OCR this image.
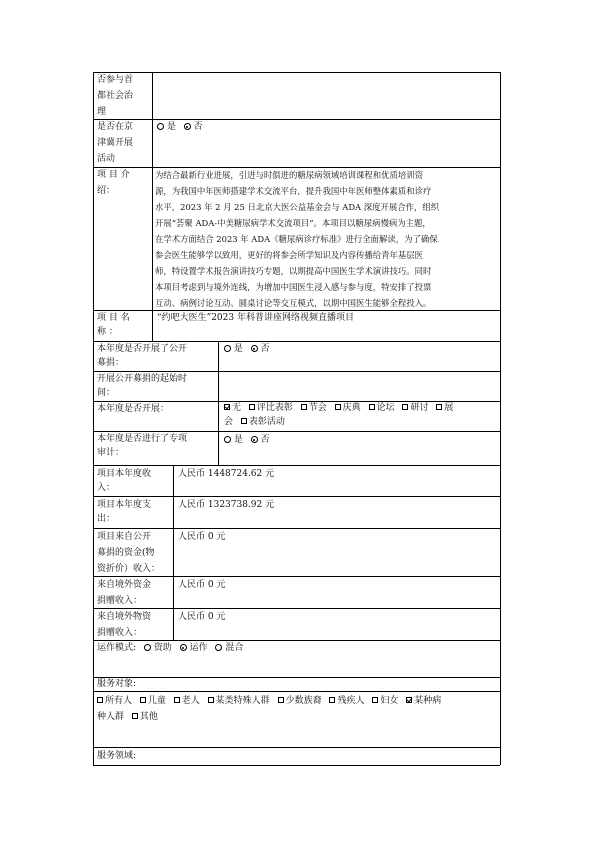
否参与首
都社会治
理
是否在京
津冀开展
活动
是 否
项 目 介
绍：
为结合最新行业进展，引进与时俱进的糖尿病领域培训课程和优质培训资
源，为我国中年医师搭建学术交流平台，提升我国中年医师整体素质和诊疗
水平，2023 年 2 月 25 日北京大医公益基金会与 ADA 深度开展合作，组织
开展“荟聚 ADA-中美糖尿病学术交流项目”。本项目以糖尿病慢病为主题，
在学术方面结合 2023 年 ADA《糖尿病诊疗标准》进行全面解读，为了确保
参会医生能够学以致用，更好的将参会所学知识及内容传播给青年基层医
师，特设置学术报告演讲技巧专题，以期提高中国医生学术演讲技巧。同时
本项目考虑到与境外连线，为增加中国医生浸入感与参与度，特安排了投票
互动、病例讨论互动、圆桌讨论等交互模式，以期中国医生能够全程投入。
项 目 名
称 ：
“约吧大医生”2023 年科普讲座网络视频直播项目
本年度是否开展了公开
募捐：
是 否
开展公开募捐的起始时
间：
本年度是否开展：	无 评比表彰 节会 庆典 论坛 研讨 展
会 表彰活动
本年度是否进行了专项
审计：
是 否
项目本年度收
入：
人民币 1448724.62 元
项目本年度支
出：
人民币 1323738.92 元
项目来自公开
募捐的资金(物
资折价）收入：
人民币 0 元
来自境外资金
捐赠收入：
人民币 0 元
来自境外物资
捐赠收入：
人民币 0 元
运作模式: 资助 运作 混合
服务对象:
所有人 儿童 老人 某类特殊人群 少数族裔 残疾人 妇女 某种病
种人群 其他
服务领域:
